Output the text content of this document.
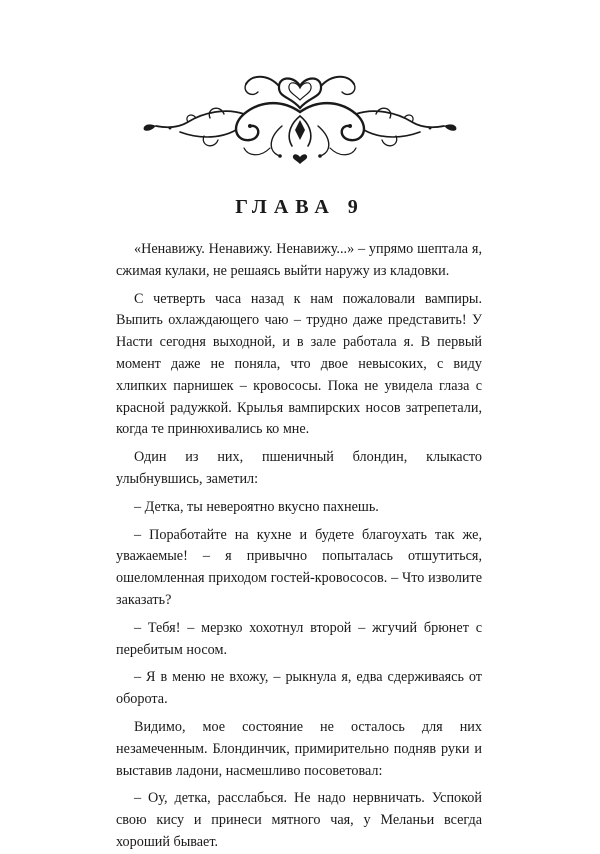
ГЛАВА 9

«Ненавижу. Ненавижу. Ненавижу...» – упрямо шептала я, сжимая кулаки, не решаясь выйти наружу из кладовки.

С четверть часа назад к нам пожаловали вампиры. Выпить охлаждающего чаю – трудно даже представить! У Насти сегодня выходной, и в зале работала я. В первый момент даже не поняла, что двое невысоких, с виду хлипких парнишек – кровососы. Пока не увидела глаза с красной радужкой. Крылья вампирских носов затрепетали, когда те принюхивались ко мне.

Один из них, пшеничный блондин, клыкасто улыбнувшись, заметил:

– Детка, ты невероятно вкусно пахнешь.

– Поработайте на кухне и будете благоухать так же, уважаемые! – я привычно попыталась отшутиться, ошеломленная приходом гостей-кровососов. – Что изволите заказать?

– Тебя! – мерзко хохотнул второй – жгучий брюнет с перебитым носом.

– Я в меню не вхожу, – рыкнула я, едва сдерживаясь от оборота.

Видимо, мое состояние не осталось для них незамеченным. Блондинчик, примирительно подняв руки и выставив ладони, насмешливо посоветовал:

– Оу, детка, расслабься. Не надо нервничать. Успокой свою кису и принеси мятного чая, у Меланьи всегда хороший бывает.
